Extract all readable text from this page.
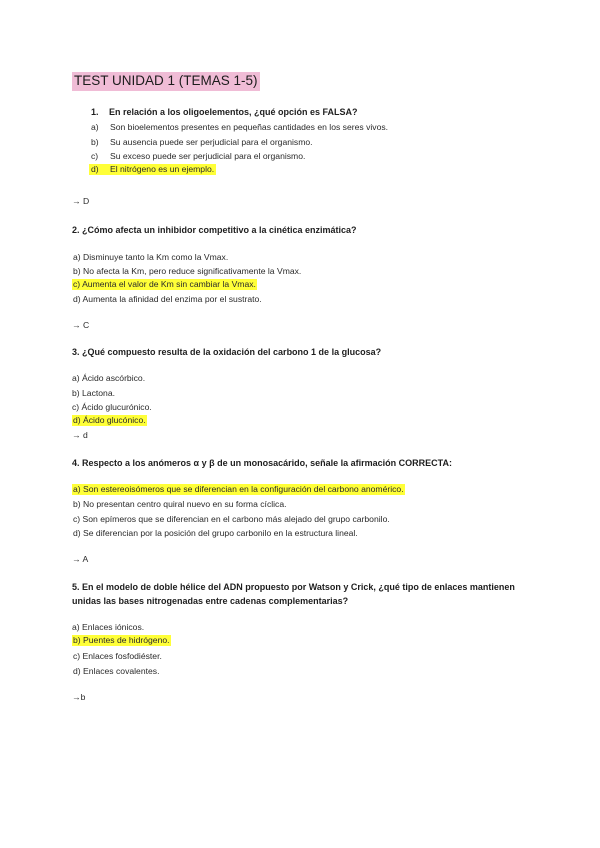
TEST UNIDAD 1 (TEMAS 1-5)
1. En relación a los oligoelementos, ¿qué opción es FALSA?
a) Son bioelementos presentes en pequeñas cantidades en los seres vivos.
b) Su ausencia puede ser perjudicial para el organismo.
c) Su exceso puede ser perjudicial para el organismo.
d) El nitrógeno es un ejemplo.
→ D
2. ¿Cómo afecta un inhibidor competitivo a la cinética enzimática?
a) Disminuye tanto la Km como la Vmax.
b) No afecta la Km, pero reduce significativamente la Vmax.
c) Aumenta el valor de Km sin cambiar la Vmax.
d) Aumenta la afinidad del enzima por el sustrato.
→ C
3. ¿Qué compuesto resulta de la oxidación del carbono 1 de la glucosa?
a) Ácido ascórbico.
b) Lactona.
c) Ácido glucurónico.
d) Ácido glucónico.
→ d
4. Respecto a los anómeros α y β de un monosacárido, señale la afirmación CORRECTA:
a) Son estereoisómeros que se diferencian en la configuración del carbono anomérico.
b) No presentan centro quiral nuevo en su forma cíclica.
c) Son epímeros que se diferencian en el carbono más alejado del grupo carbonilo.
d) Se diferencian por la posición del grupo carbonilo en la estructura lineal.
→ A
5. En el modelo de doble hélice del ADN propuesto por Watson y Crick, ¿qué tipo de enlaces mantienen
unidas las bases nitrogenadas entre cadenas complementarias?
a) Enlaces iónicos.
b) Puentes de hidrógeno.
c) Enlaces fosfodiéster.
d) Enlaces covalentes.
→b
